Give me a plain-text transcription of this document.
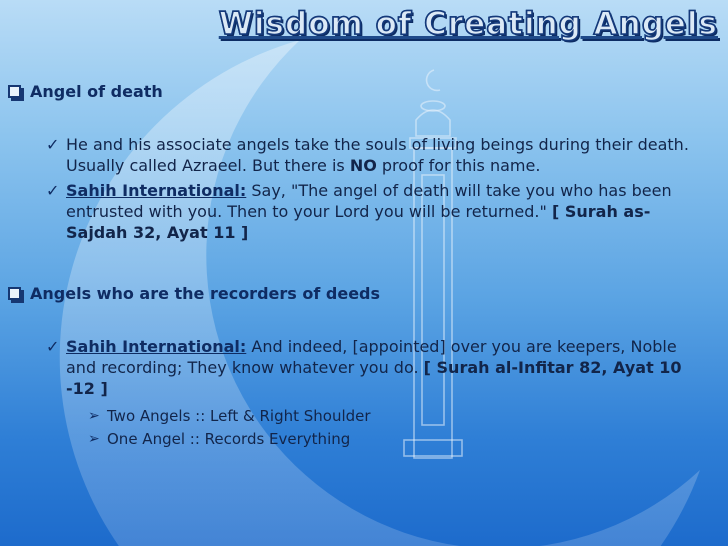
Wisdom of Creating Angels
Angel of death
✓ He and his associate angels take the souls of living beings during their death. Usually called Azraeel. But there is NO proof for this name.
✓ Sahih International: Say, "The angel of death will take you who has been entrusted with you. Then to your Lord you will be returned." [ Surah as-Sajdah 32, Ayat 11 ]
Angels who are the recorders of deeds
✓ Sahih International: And indeed, [appointed] over you are keepers, Noble and recording; They know whatever you do. [ Surah al-Infitar 82, Ayat 10 -12 ]
➢ Two Angels :: Left & Right Shoulder
➢ One Angel :: Records Everything
